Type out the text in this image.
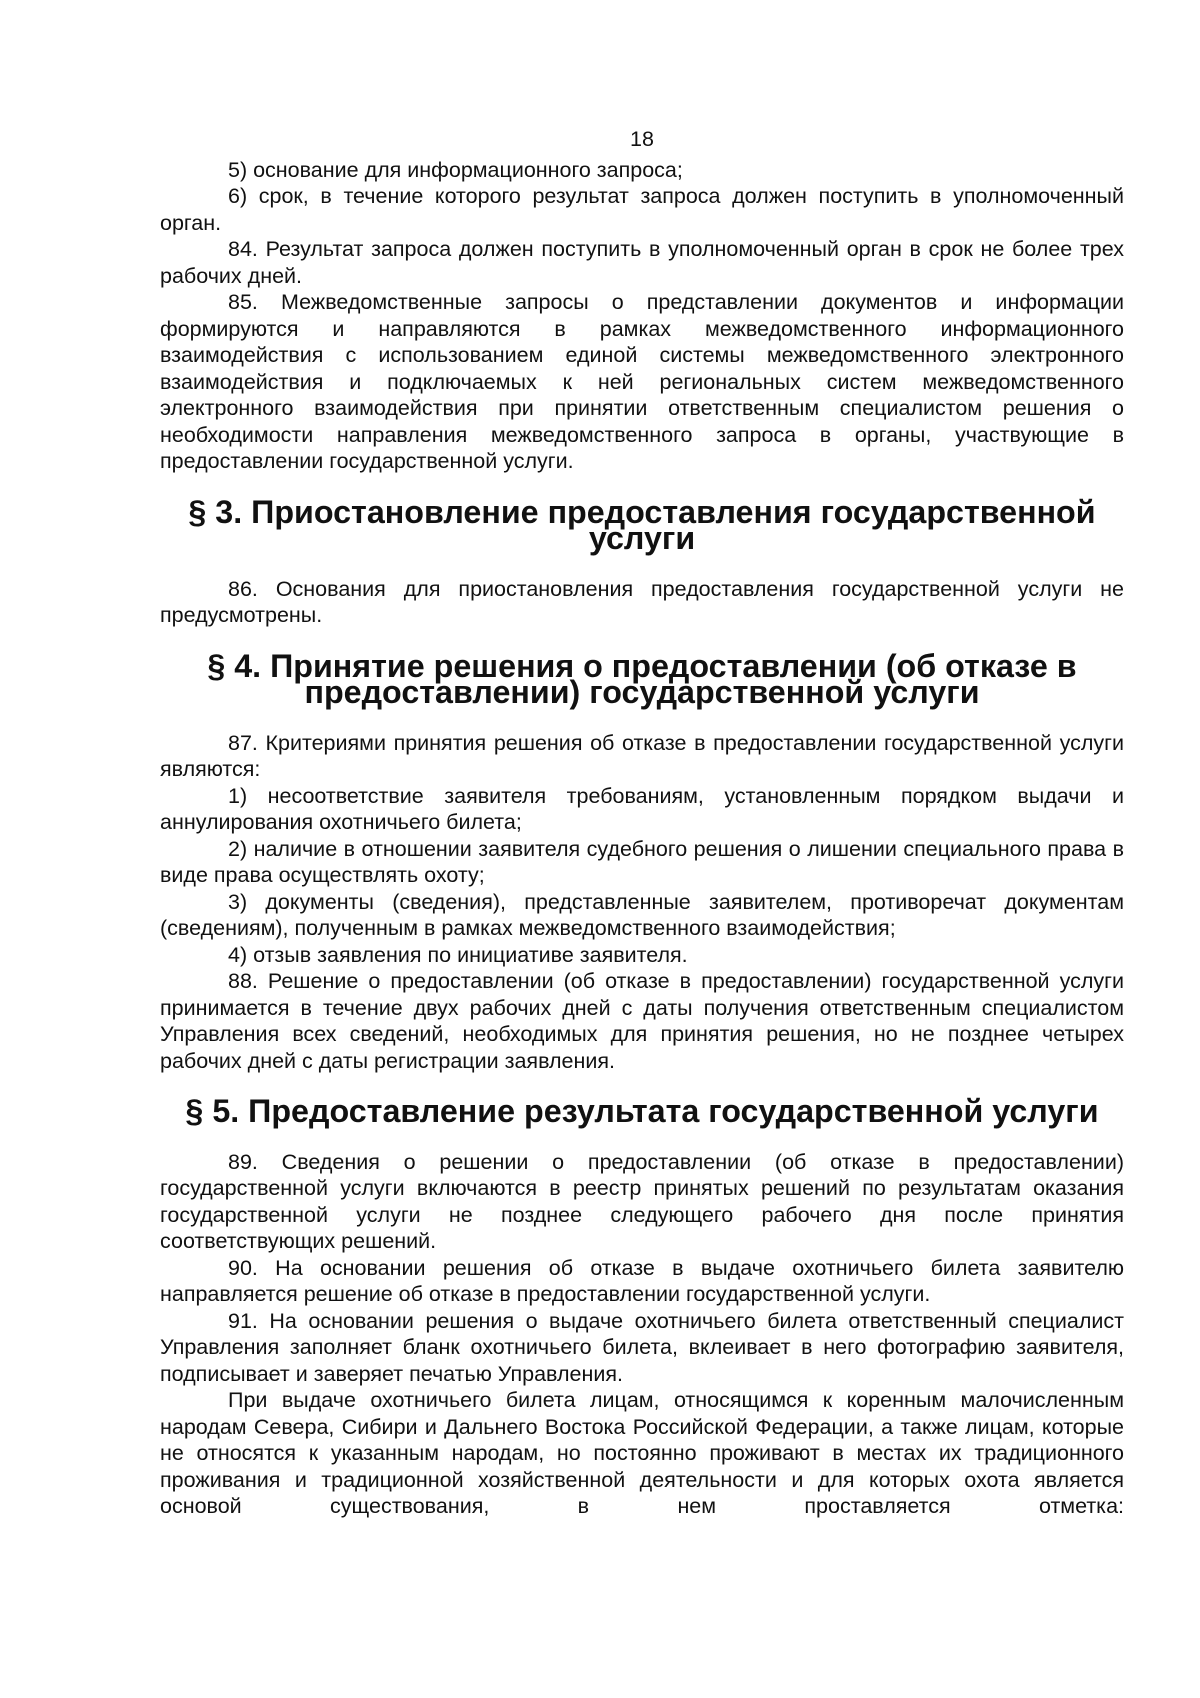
18

5) основание для информационного запроса;

6) срок, в течение которого результат запроса должен поступить в уполномоченный орган.

84. Результат запроса должен поступить в уполномоченный орган в срок не более трех рабочих дней.

85. Межведомственные запросы о представлении документов и информации формируются и направляются в рамках межведомственного информационного взаимодействия с использованием единой системы межведомственного электронного взаимодействия и подключаемых к ней региональных систем межведомственного электронного взаимодействия при принятии ответственным специалистом решения о необходимости направления межведомственного запроса в органы, участвующие в предоставлении государственной услуги.

§ 3. Приостановление предоставления государственной услуги

86. Основания для приостановления предоставления государственной услуги не предусмотрены.

§ 4. Принятие решения о предоставлении (об отказе в предоставлении) государственной услуги

87. Критериями принятия решения об отказе в предоставлении государственной услуги являются:

1) несоответствие заявителя требованиям, установленным порядком выдачи и аннулирования охотничьего билета;

2) наличие в отношении заявителя судебного решения о лишении специального права в виде права осуществлять охоту;

3) документы (сведения), представленные заявителем, противоречат документам (сведениям), полученным в рамках межведомственного взаимодействия;

4) отзыв заявления по инициативе заявителя.

88. Решение о предоставлении (об отказе в предоставлении) государственной услуги принимается в течение двух рабочих дней с даты получения ответственным специалистом Управления всех сведений, необходимых для принятия решения, но не позднее четырех рабочих дней с даты регистрации заявления.

§ 5. Предоставление результата государственной услуги

89. Сведения о решении о предоставлении (об отказе в предоставлении) государственной услуги включаются в реестр принятых решений по результатам оказания государственной услуги не позднее следующего рабочего дня после принятия соответствующих решений.

90. На основании решения об отказе в выдаче охотничьего билета заявителю направляется решение об отказе в предоставлении государственной услуги.

91. На основании решения о выдаче охотничьего билета ответственный специалист Управления заполняет бланк охотничьего билета, вклеивает в него фотографию заявителя, подписывает и заверяет печатью Управления.

При выдаче охотничьего билета лицам, относящимся к коренным малочисленным народам Севера, Сибири и Дальнего Востока Российской Федерации, а также лицам, которые не относятся к указанным народам, но постоянно проживают в местах их традиционного проживания и традиционной хозяйственной деятельности и для которых охота является основой существования, в нем проставляется отметка:
